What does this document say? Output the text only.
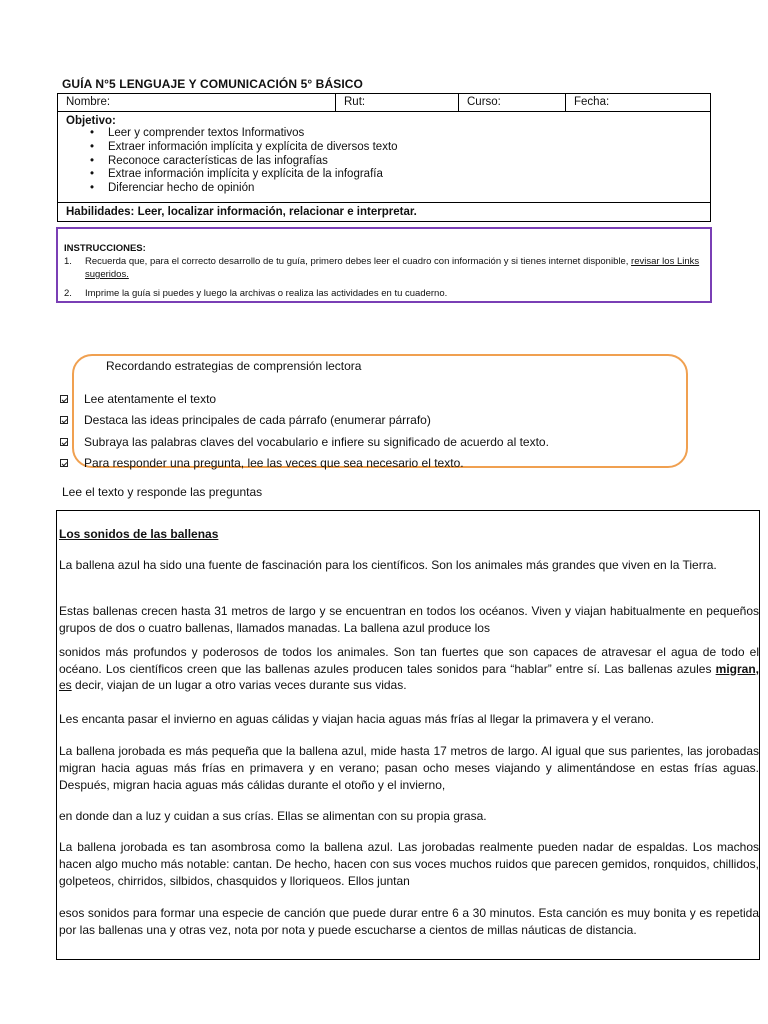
GUÍA N°5 LENGUAJE Y COMUNICACIÓN 5° BÁSICO
Nombre:	Rut:	Curso:	Fecha:
Objetivo:
• Leer y comprender textos Informativos
• Extraer información implícita y explícita de diversos texto
• Reconoce características de las infografías
• Extrae información implícita y explícita de la infografía
• Diferenciar hecho de opinión
Habilidades: Leer, localizar información, relacionar e interpretar.
INSTRUCCIONES:
1.	Recuerda que, para el correcto desarrollo de tu guía, primero debes leer el cuadro con información y si tienes internet disponible, revisar los Links sugeridos.
2.	Imprime la guía si puedes y luego la archivas o realiza las actividades en tu cuaderno.
Recordando estrategias de comprensión lectora
Lee atentamente el texto
Destaca las ideas principales de cada párrafo (enumerar párrafo)
Subraya las palabras claves del vocabulario e infiere su significado de acuerdo al texto.
Para responder una pregunta, lee las veces que sea necesario el texto.
Lee el texto y responde las preguntas
Los sonidos de las ballenas
La ballena azul ha sido una fuente de fascinación para los científicos. Son los animales más grandes que viven en la Tierra.
Estas ballenas crecen hasta 31 metros de largo y se encuentran en todos los océanos. Viven y viajan habitualmente en pequeños grupos de dos o cuatro ballenas, llamados manadas. La ballena azul produce los
sonidos más profundos y poderosos de todos los animales. Son tan fuertes que son capaces de atravesar el agua de todo el océano. Los científicos creen que las ballenas azules producen tales sonidos para “hablar” entre sí. Las ballenas azules migran, es decir, viajan de un lugar a otro varias veces durante sus vidas.
Les encanta pasar el invierno en aguas cálidas y viajan hacia aguas más frías al llegar la primavera y el verano.
La ballena jorobada es más pequeña que la ballena azul, mide hasta 17 metros de largo. Al igual que sus parientes, las jorobadas migran hacia aguas más frías en primavera y en verano; pasan ocho meses viajando y alimentándose en estas frías aguas. Después, migran hacia aguas más cálidas durante el otoño y el invierno,
en donde dan a luz y cuidan a sus crías. Ellas se alimentan con su propia grasa.
La ballena jorobada es tan asombrosa como la ballena azul. Las jorobadas realmente pueden nadar de espaldas. Los machos hacen algo mucho más notable: cantan. De hecho, hacen con sus voces muchos ruidos que parecen gemidos, ronquidos, chillidos, golpeteos, chirridos, silbidos, chasquidos y lloriqueos. Ellos juntan
esos sonidos para formar una especie de canción que puede durar entre 6 a 30 minutos. Esta canción es muy bonita y es repetida por las ballenas una y otras vez, nota por nota y puede escucharse a cientos de millas náuticas de distancia.
